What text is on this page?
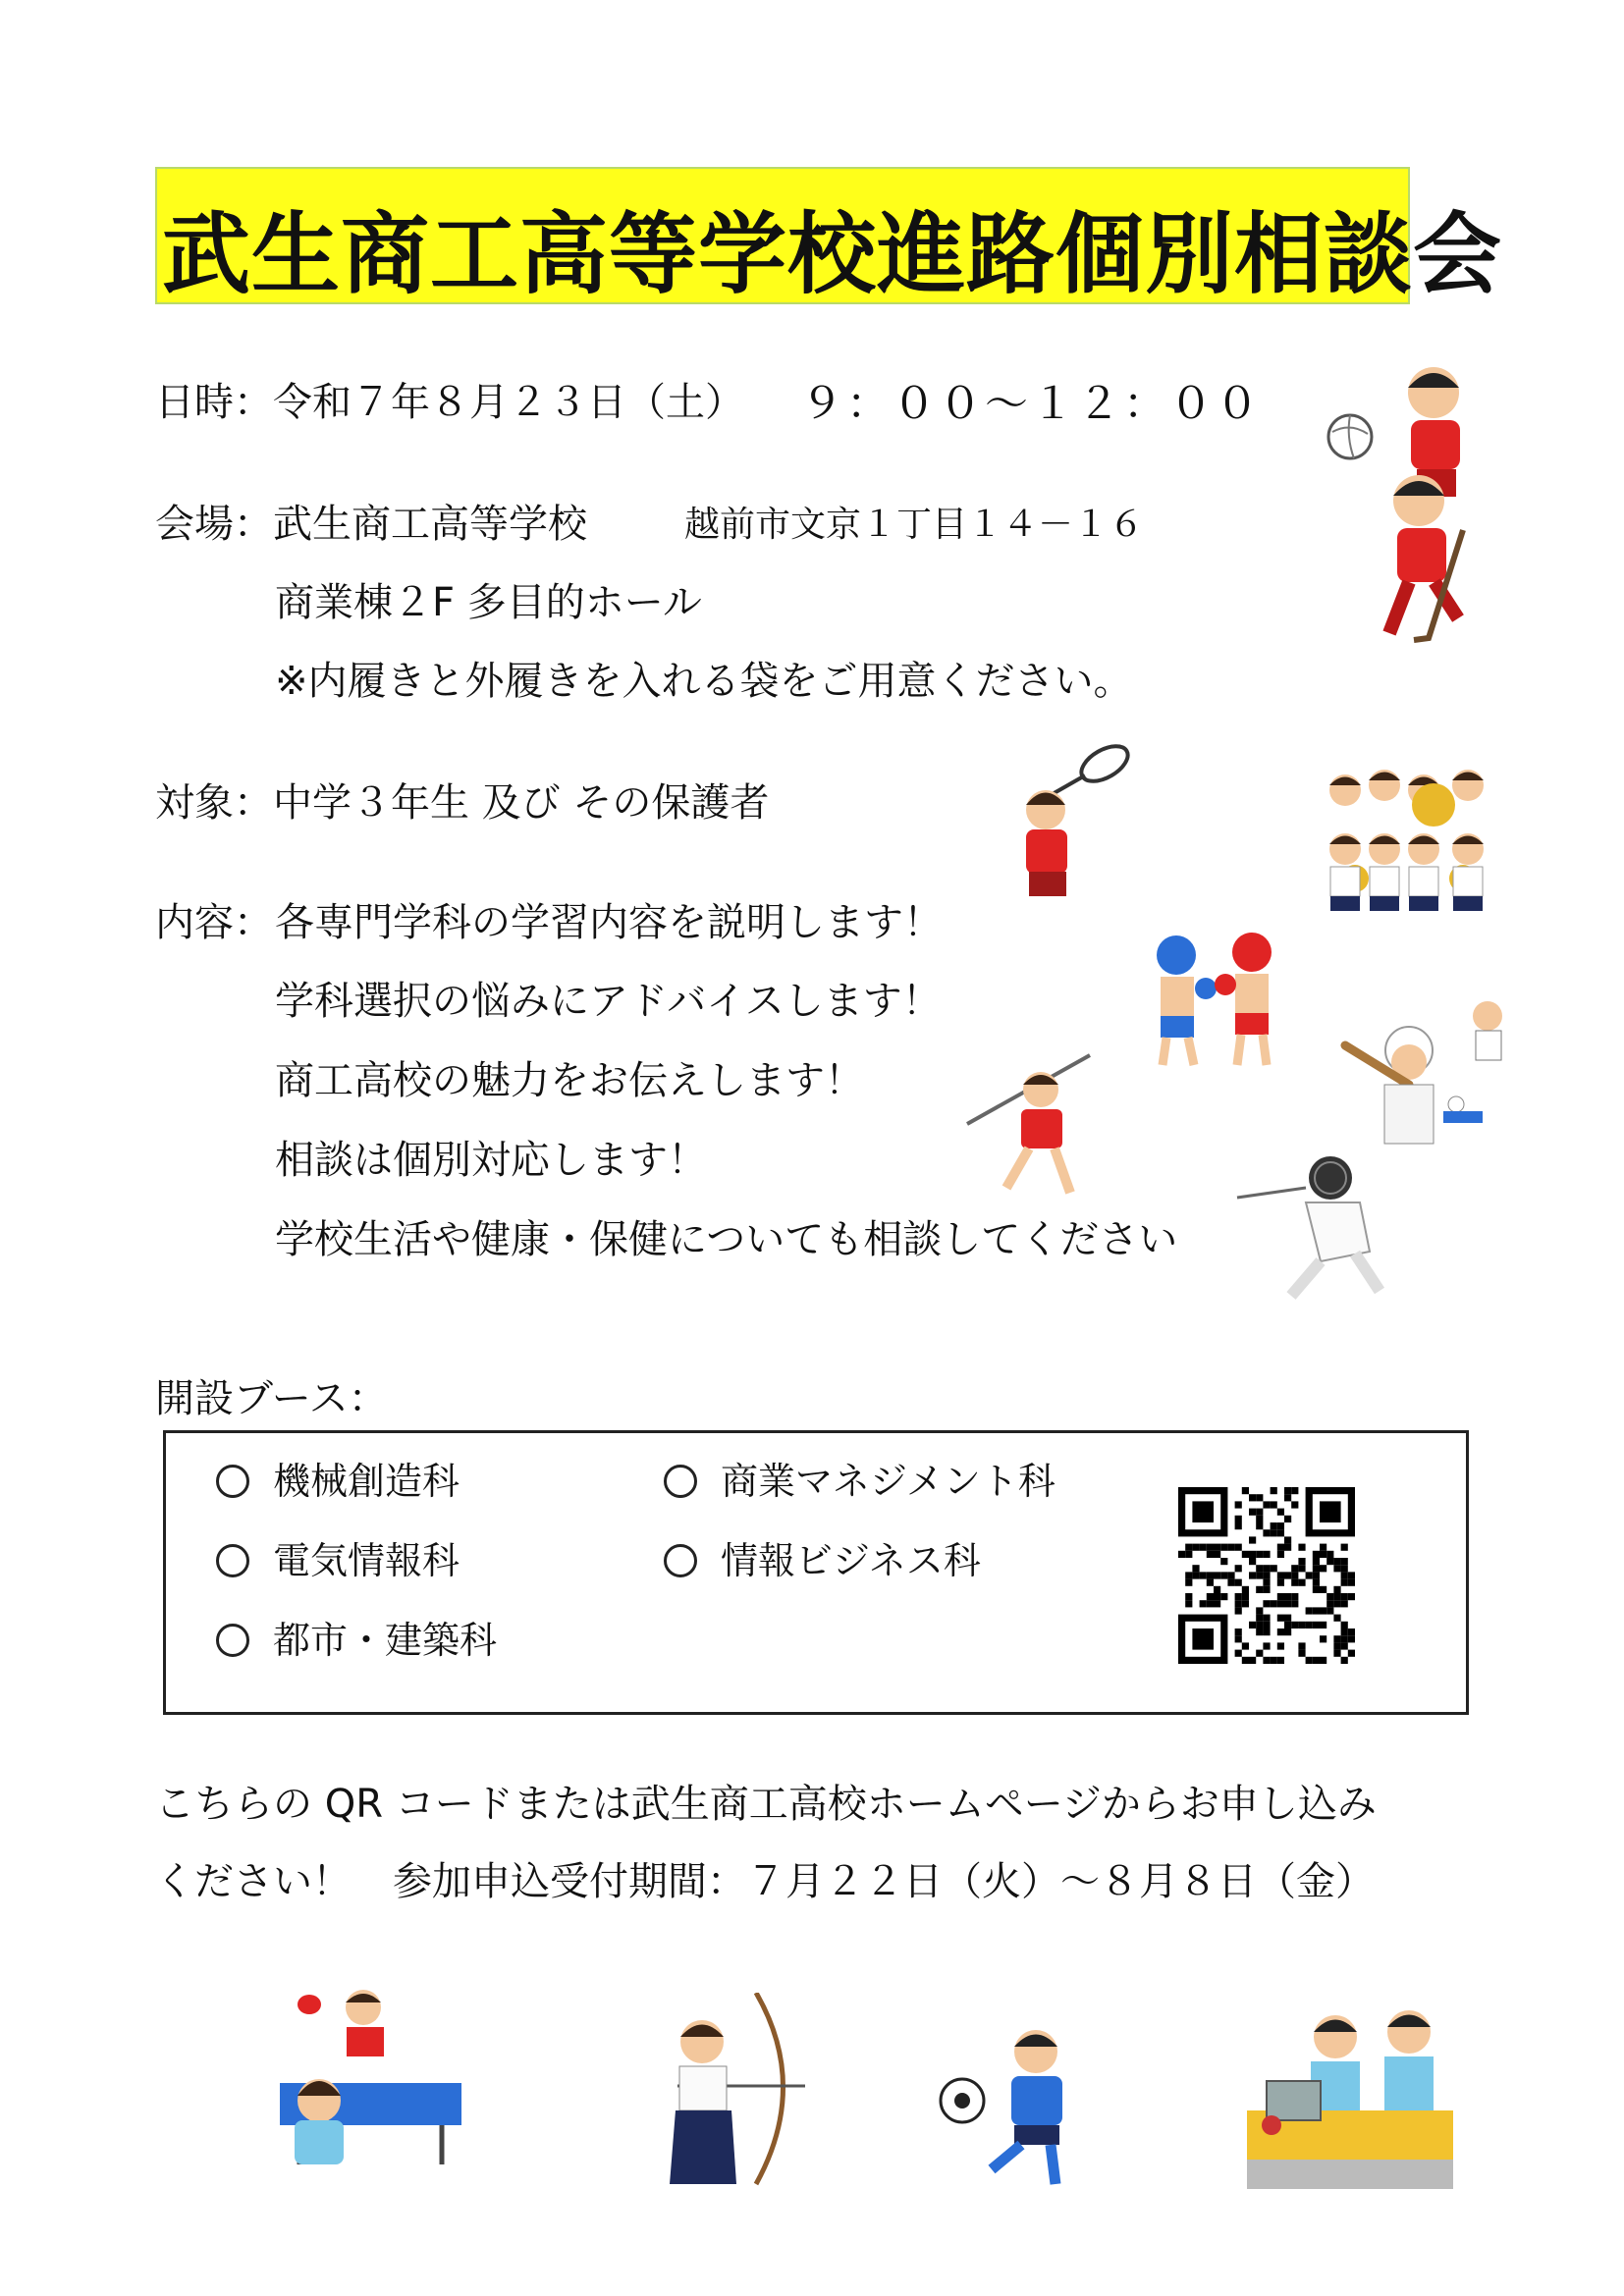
武生商工高等学校進路個別相談会
日時：令和７年８月２３日（土） ９：００～１２：００
会場：武生商工高等学校	越前市文京１丁目１４－１６
商業棟２F 多目的ホール
※内履きと外履きを入れる袋をご用意ください。
対象：中学３年生 及び その保護者
内容： 各専門学科の学習内容を説明します！
学科選択の悩みにアドバイスします！
商工高校の魅力をお伝えします！
相談は個別対応します！
学校生活や健康・保健についても相談してください
開設ブース：
機械創造科
電気情報科
都市・建築科
商業マネジメント科
情報ビジネス科
こちらの QR コードまたは武生商工高校ホームページからお申し込み
ください！ 参加申込受付期間：７月２２日（火）～８月８日（金）
